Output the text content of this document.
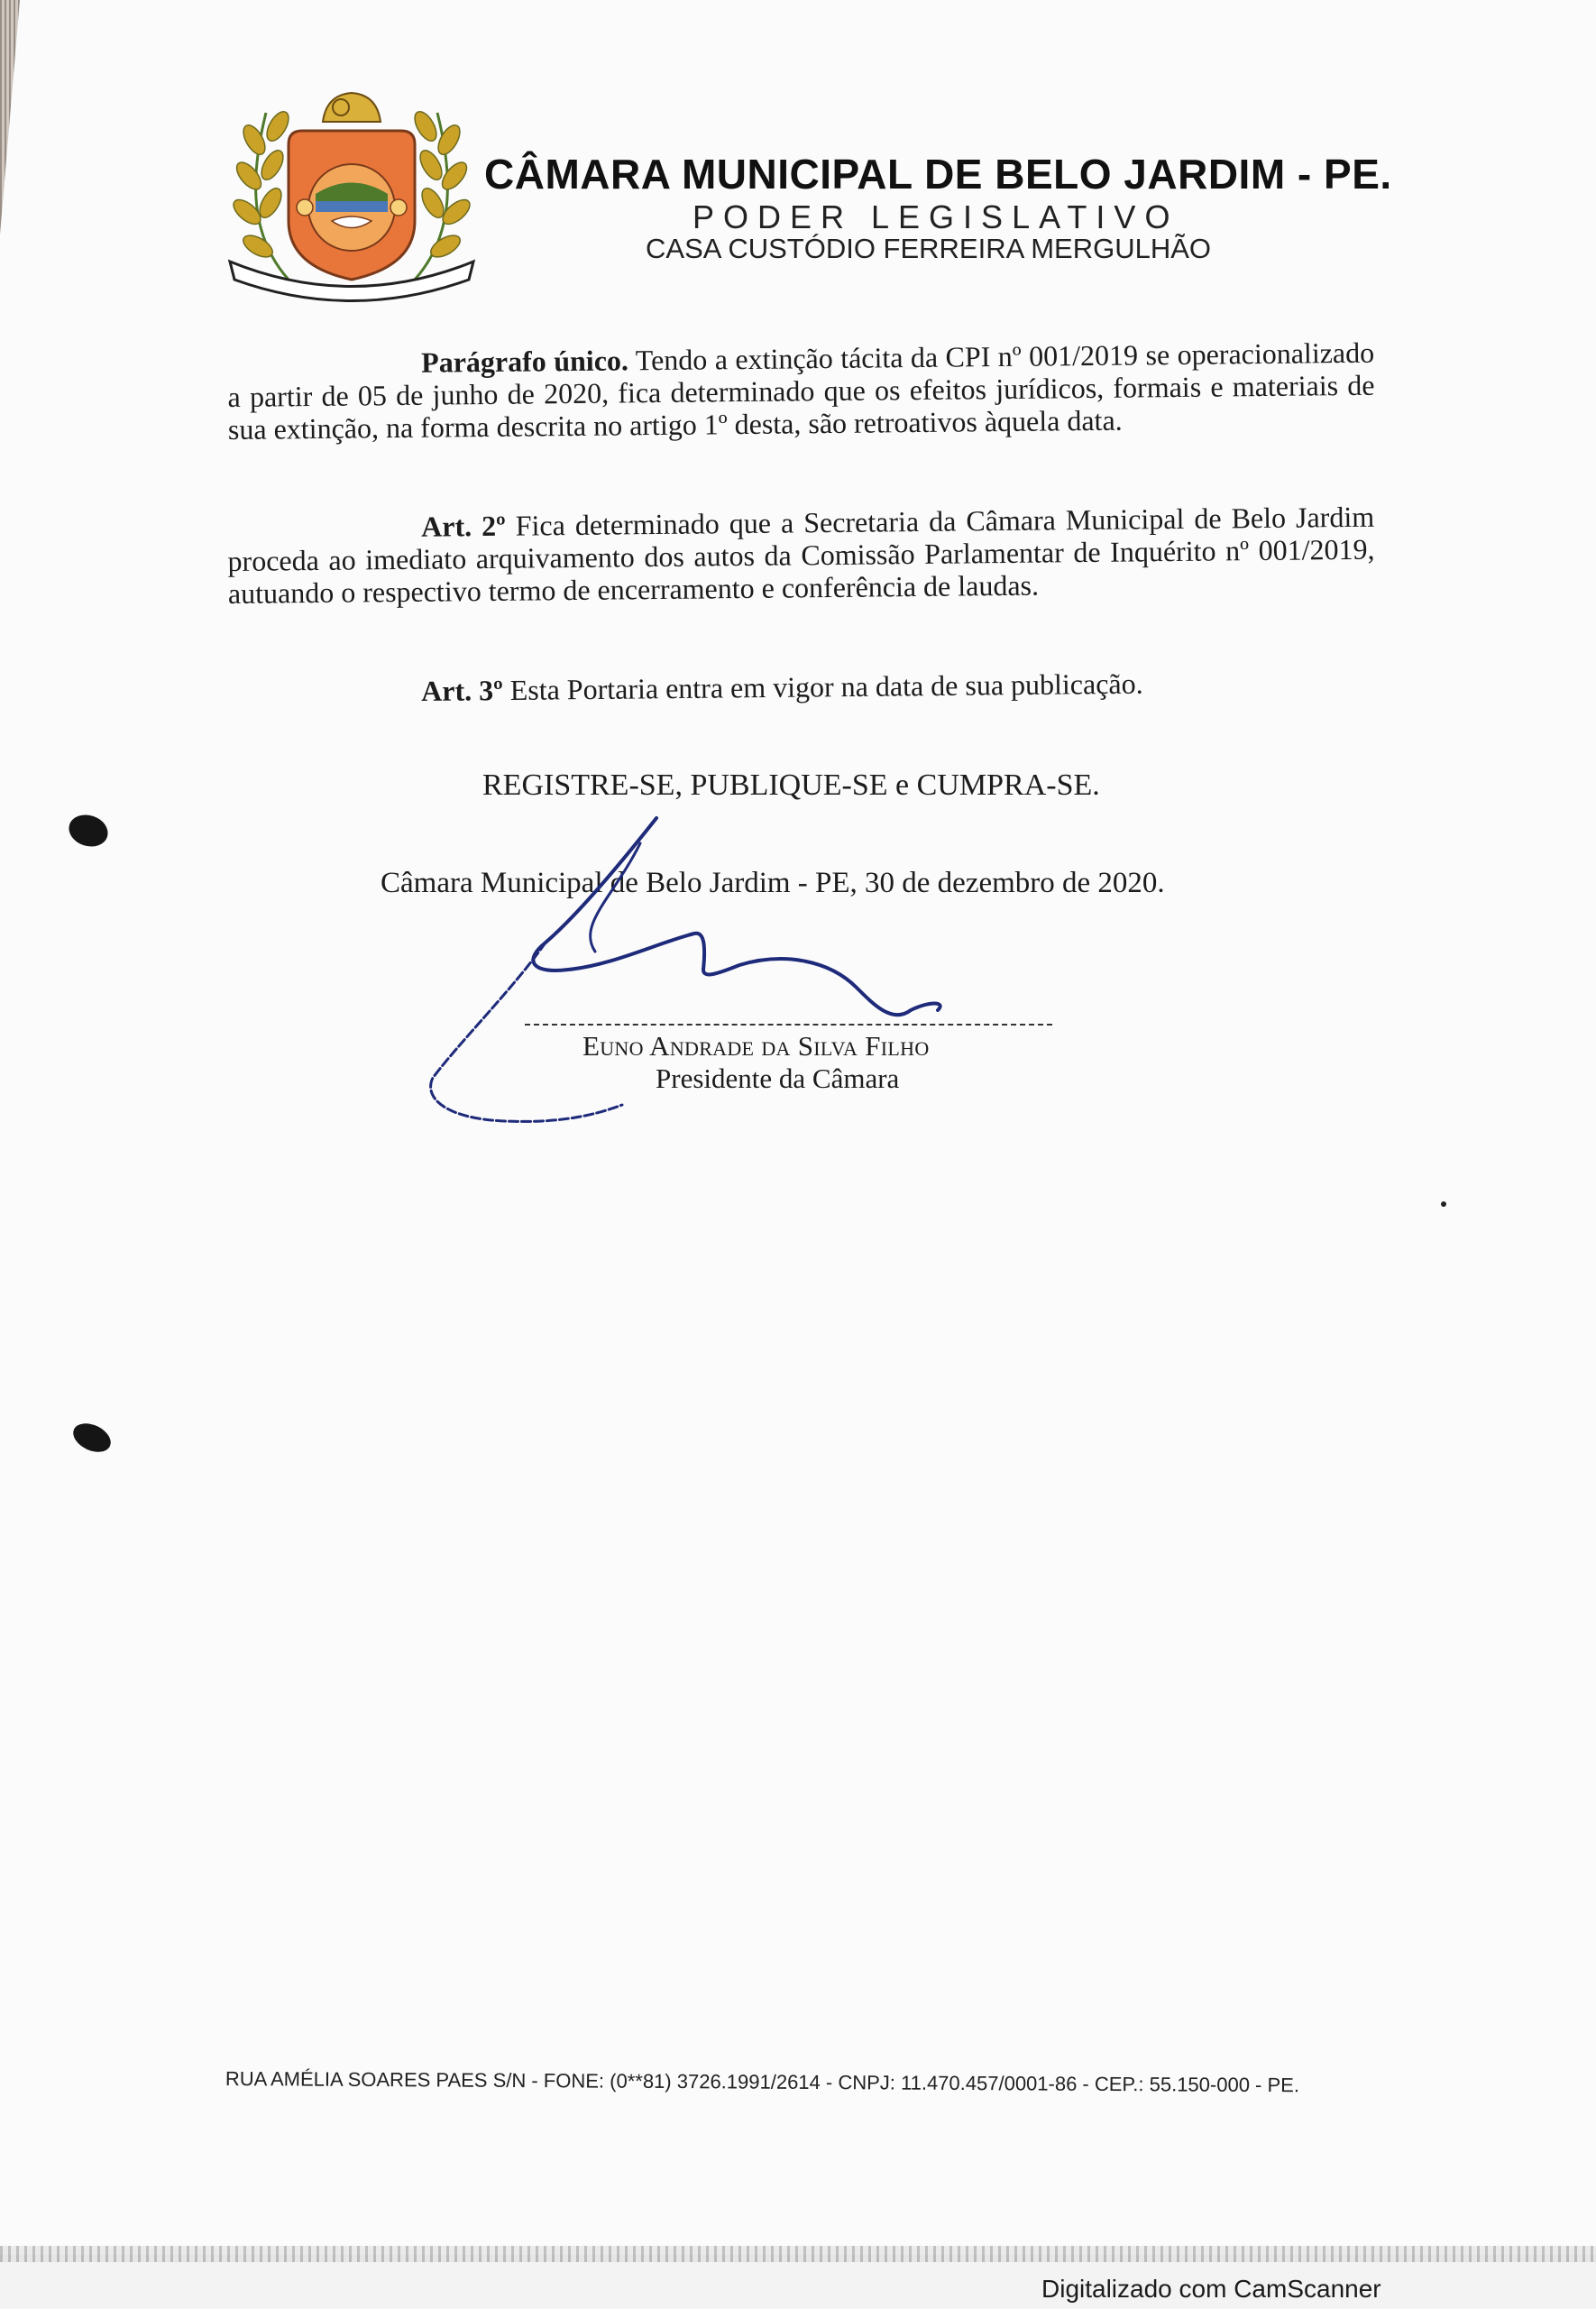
CÂMARA MUNICIPAL DE BELO JARDIM - PE.
PODER LEGISLATIVO
CASA CUSTÓDIO FERREIRA MERGULHÃO
Parágrafo único. Tendo a extinção tácita da CPI nº 001/2019 se operacionalizado a partir de 05 de junho de 2020, fica determinado que os efeitos jurídicos, formais e materiais de sua extinção, na forma descrita no artigo 1º desta, são retroativos àquela data.
Art. 2º Fica determinado que a Secretaria da Câmara Municipal de Belo Jardim proceda ao imediato arquivamento dos autos da Comissão Parlamentar de Inquérito nº 001/2019, autuando o respectivo termo de encerramento e conferência de laudas.
Art. 3º Esta Portaria entra em vigor na data de sua publicação.
REGISTRE-SE, PUBLIQUE-SE e CUMPRA-SE.
Câmara Municipal de Belo Jardim - PE, 30 de dezembro de 2020.
Euno Andrade da Silva Filho
Presidente da Câmara
RUA AMÉLIA SOARES PAES S/N - FONE: (0**81) 3726.1991/2614 - CNPJ: 11.470.457/0001-86 - CEP.: 55.150-000 - PE.
Digitalizado com CamScanner
